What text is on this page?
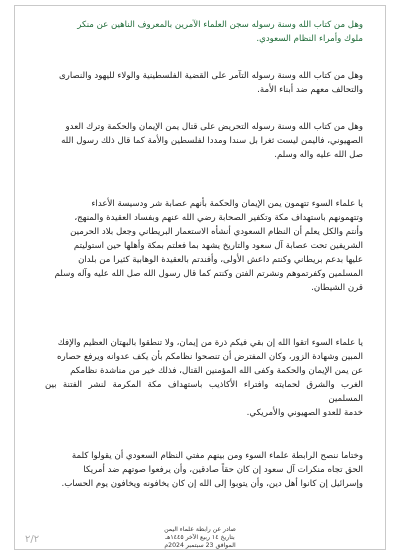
وهل من كتاب الله وسنة رسوله سجن العلماء الآمرين بالمعروف الناهين عن منكر
ملوك وأمراء النظام السعودي.
وهل من كتاب الله وسنة رسوله التآمر على القضية الفلسطينية والولاء لليهود والنصارى
والتحالف معهم ضد أبناء الأمة.
وهل من كتاب الله وسنة رسوله التحريض على قتال يمن الإيمان والحكمة وترك العدو
الصهيوني، فاليمن ليست ثغرا بل سندا ومددا لفلسطين والأمة كما قال ذلك رسول الله
صل الله عليه واله وسلم.
يا علماء السوء تتهمون يمن الإيمان والحكمة بأنهم عصابة شر ودسيسة الأعداء
وتتهمونهم باستهداف مكة وتكفير الصحابة رضي الله عنهم وبفساد العقيدة والمنهج،
وأنتم والكل يعلم أن النظام السعودي أنشأه الاستعمار البريطاني وجعل بلاد الحرمين
الشريفين تحت عصابة آل سعود والتاريخ يشهد بما فعلتم بمكة وأهلها حين استوليتم
عليها بدعم بريطاني وكنتم داعش الأولى، وأفندتم بالعقيدة الوهابية كثيرا من بلدان
المسلمين وكفرتموهم ونشرتم الفتن وكنتم كما قال رسول الله صل الله عليه وآله وسلم
قرن الشيطان.
يا علماء السوء اتقوا الله إن بقي فيكم ذرة من إيمان، ولا تنطقوا بالبهتان العظيم والإفك
المبين وشهادة الزور، وكان المفترض أن تنصحوا نظامكم بأن يكف عدوانه ويرفع حصاره
عن يمن الإيمان والحكمة وكفى الله المؤمنين القتال، فذلك خير من مناشدة نظامكم
الغرب والشرق لحمايته وافتراء الأكاذيب باستهداف مكة المكرمة لنشر الفتنة بين المسلمين
خدمة للعدو الصهيوني والأمريكي.
وختاما ننصح الرابطة علماء السوء ومن بينهم مفتي النظام السعودي أن يقولوا كلمة
الحق تجاه منكرات آل سعود إن كان حقاً صادقين، وأن يرفعوا صوتهم ضد أمريكا
وإسرائيل إن كانوا أهل دين، وأن يتوبوا إلى الله إن كان يخافونه ويخافون يوم الحساب.
صادر عن رابطة علماء اليمن
بتاريخ ١٤ ربيع الآخر ١٤٤٥هـ
الموافق 23 سبتمبر 2024م
٢/٢
